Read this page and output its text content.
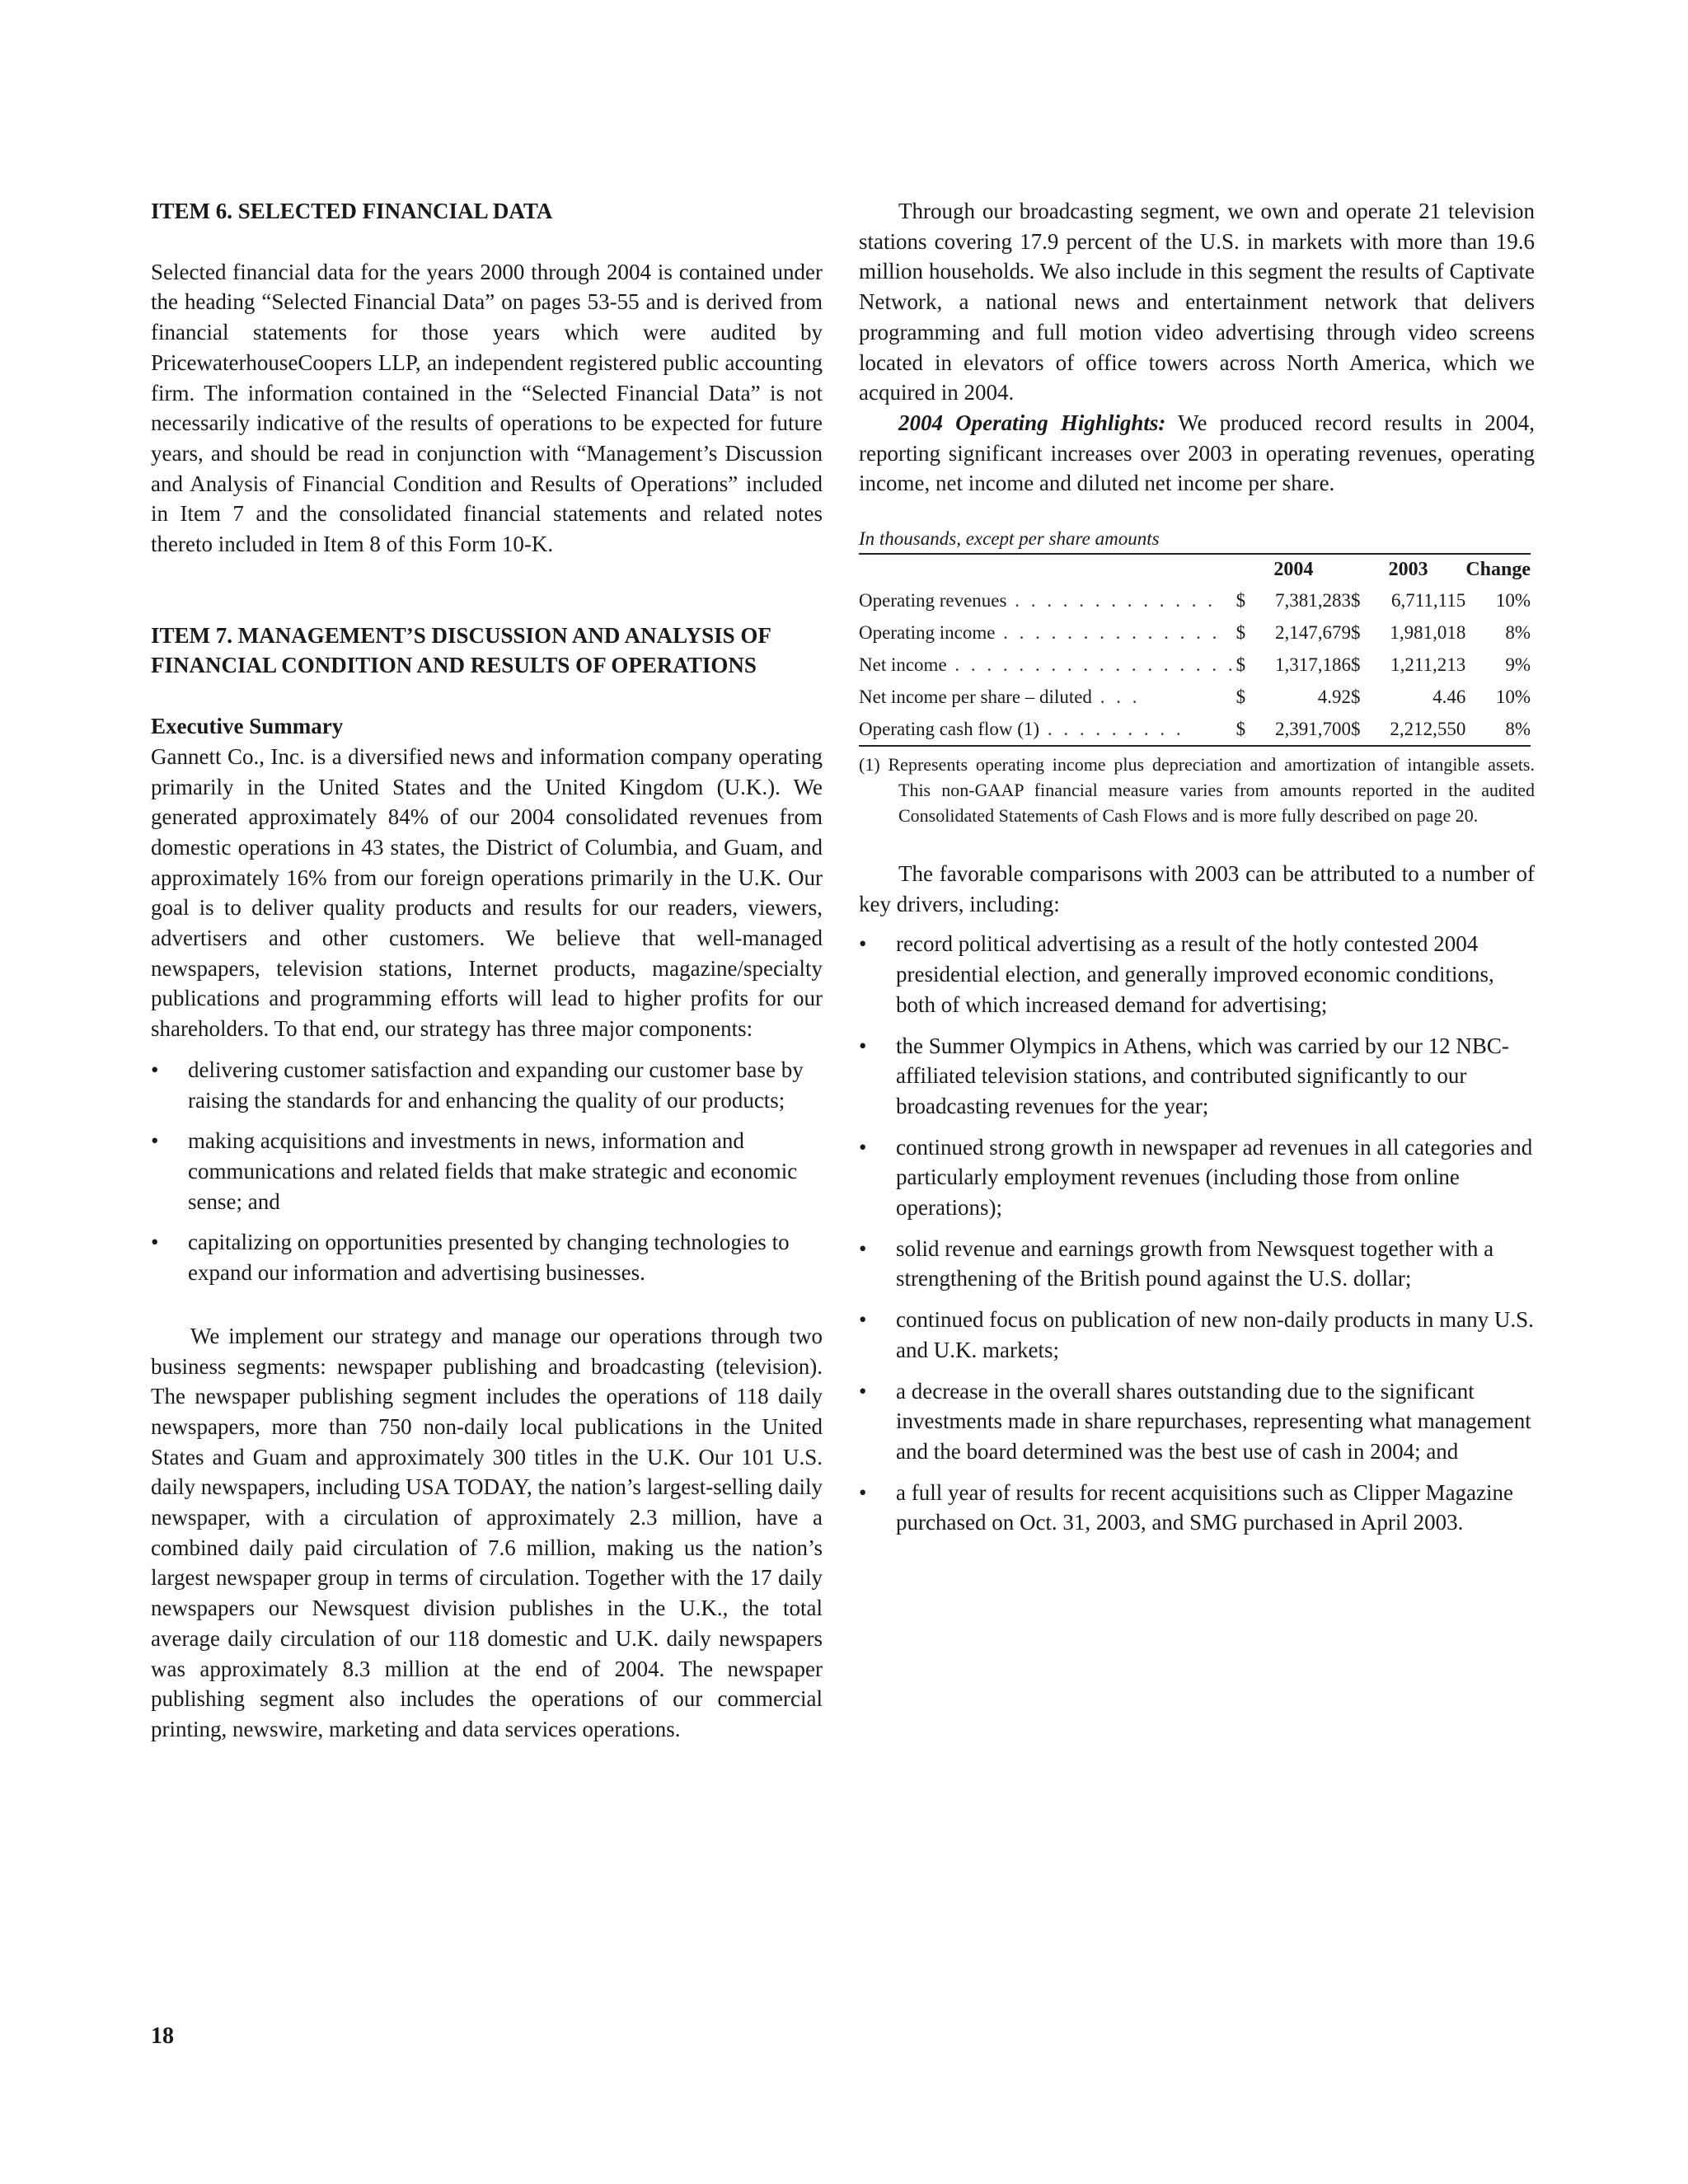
ITEM 6. SELECTED FINANCIAL DATA

Selected financial data for the years 2000 through 2004 is contained under the heading “Selected Financial Data” on pages 53-55 and is derived from financial statements for those years which were audited by PricewaterhouseCoopers LLP, an independent registered public accounting firm. The information contained in the “Selected Financial Data” is not necessarily indicative of the results of operations to be expected for future years, and should be read in conjunction with “Management’s Discussion and Analysis of Financial Condition and Results of Operations” included in Item 7 and the consolidated financial statements and related notes thereto included in Item 8 of this Form 10-K.

ITEM 7. MANAGEMENT’S DISCUSSION AND ANALYSIS OF FINANCIAL CONDITION AND RESULTS OF OPERATIONS
Executive Summary

Gannett Co., Inc. is a diversified news and information company operating primarily in the United States and the United Kingdom (U.K.). We generated approximately 84% of our 2004 consolidated revenues from domestic operations in 43 states, the District of Columbia, and Guam, and approximately 16% from our foreign operations primarily in the U.K. Our goal is to deliver quality products and results for our readers, viewers, advertisers and other customers. We believe that well-managed newspapers, television stations, Internet products, magazine/specialty publications and programming efforts will lead to higher profits for our shareholders. To that end, our strategy has three major components:

• delivering customer satisfaction and expanding our customer base by raising the standards for and enhancing the quality of our products;
• making acquisitions and investments in news, information and communications and related fields that make strategic and economic sense; and
• capitalizing on opportunities presented by changing technologies to expand our information and advertising businesses.

We implement our strategy and manage our operations through two business segments: newspaper publishing and broadcasting (television). The newspaper publishing segment includes the operations of 118 daily newspapers, more than 750 non-daily local publications in the United States and Guam and approximately 300 titles in the U.K. Our 101 U.S. daily newspapers, including USA TODAY, the nation’s largest-selling daily newspaper, with a circulation of approximately 2.3 million, have a combined daily paid circulation of 7.6 million, making us the nation’s largest newspaper group in terms of circulation. Together with the 17 daily newspapers our Newsquest division publishes in the U.K., the total average daily circulation of our 118 domestic and U.K. daily newspapers was approximately 8.3 million at the end of 2004. The newspaper publishing segment also includes the operations of our commercial printing, newswire, marketing and data services operations.

Through our broadcasting segment, we own and operate 21 television stations covering 17.9 percent of the U.S. in markets with more than 19.6 million households. We also include in this segment the results of Captivate Network, a national news and entertainment network that delivers programming and full motion video advertising through video screens located in elevators of office towers across North America, which we acquired in 2004.

2004 Operating Highlights: We produced record results in 2004, reporting significant increases over 2003 in operating revenues, operating income, net income and diluted net income per share.

In thousands, except per share amounts

	2004		2003		Change
Operating revenues . . . . . . . . . . . . .	$	7,381,283	$	6,711,115	10%
Operating income . . . . . . . . . . . . . .	$	2,147,679	$	1,981,018	8%
Net income . . . . . . . . . . . . . . . . . .	$	1,317,186	$	1,211,213	9%
Net income per share – diluted . . .	$	4.92	$	4.46	10%
Operating cash flow (1) . . . . . . . . .	$	2,391,700	$	2,212,550	8%

(1) Represents operating income plus depreciation and amortization of intangible assets. This non-GAAP financial measure varies from amounts reported in the audited Consolidated Statements of Cash Flows and is more fully described on page 20.

The favorable comparisons with 2003 can be attributed to a number of key drivers, including:

• record political advertising as a result of the hotly contested 2004 presidential election, and generally improved economic conditions, both of which increased demand for advertising;
• the Summer Olympics in Athens, which was carried by our 12 NBC-affiliated television stations, and contributed significantly to our broadcasting revenues for the year;
• continued strong growth in newspaper ad revenues in all categories and particularly employment revenues (including those from online operations);
• solid revenue and earnings growth from Newsquest together with a strengthening of the British pound against the U.S. dollar;
• continued focus on publication of new non-daily products in many U.S. and U.K. markets;
• a decrease in the overall shares outstanding due to the significant investments made in share repurchases, representing what management and the board determined was the best use of cash in 2004; and
• a full year of results for recent acquisitions such as Clipper Magazine purchased on Oct. 31, 2003, and SMG purchased in April 2003.
18
